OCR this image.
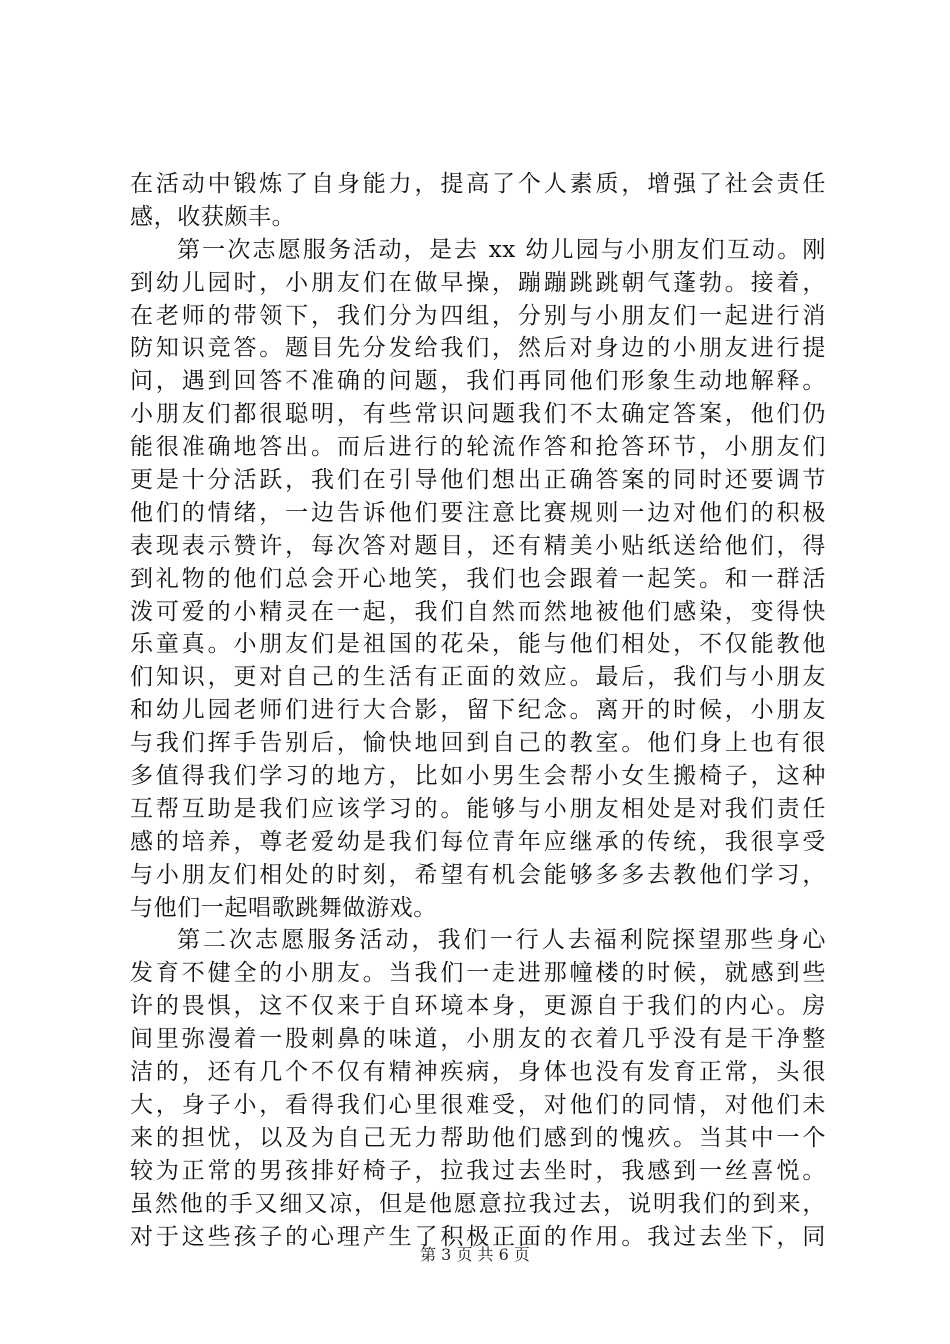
在活动中锻炼了自身能力，提高了个人素质，增强了社会责任
感，收获颇丰。
第一次志愿服务活动，是去 xx 幼儿园与小朋友们互动。刚
到幼儿园时，小朋友们在做早操，蹦蹦跳跳朝气蓬勃。接着，
在老师的带领下，我们分为四组，分别与小朋友们一起进行消
防知识竞答。题目先分发给我们，然后对身边的小朋友进行提
问，遇到回答不准确的问题，我们再同他们形象生动地解释。
小朋友们都很聪明，有些常识问题我们不太确定答案，他们仍
能很准确地答出。而后进行的轮流作答和抢答环节，小朋友们
更是十分活跃，我们在引导他们想出正确答案的同时还要调节
他们的情绪，一边告诉他们要注意比赛规则一边对他们的积极
表现表示赞许，每次答对题目，还有精美小贴纸送给他们，得
到礼物的他们总会开心地笑，我们也会跟着一起笑。和一群活
泼可爱的小精灵在一起，我们自然而然地被他们感染，变得快
乐童真。小朋友们是祖国的花朵，能与他们相处，不仅能教他
们知识，更对自己的生活有正面的效应。最后，我们与小朋友
和幼儿园老师们进行大合影，留下纪念。离开的时候，小朋友
与我们挥手告别后，愉快地回到自己的教室。他们身上也有很
多值得我们学习的地方，比如小男生会帮小女生搬椅子，这种
互帮互助是我们应该学习的。能够与小朋友相处是对我们责任
感的培养，尊老爱幼是我们每位青年应继承的传统，我很享受
与小朋友们相处的时刻，希望有机会能够多多去教他们学习，
与他们一起唱歌跳舞做游戏。
第二次志愿服务活动，我们一行人去福利院探望那些身心
发育不健全的小朋友。当我们一走进那幢楼的时候，就感到些
许的畏惧，这不仅来于自环境本身，更源自于我们的内心。房
间里弥漫着一股刺鼻的味道，小朋友的衣着几乎没有是干净整
洁的，还有几个不仅有精神疾病，身体也没有发育正常，头很
大，身子小，看得我们心里很难受，对他们的同情，对他们未
来的担忧，以及为自己无力帮助他们感到的愧疚。当其中一个
较为正常的男孩排好椅子，拉我过去坐时，我感到一丝喜悦。
虽然他的手又细又凉，但是他愿意拉我过去，说明我们的到来，
对于这些孩子的心理产生了积极正面的作用。我过去坐下，同
第 3 页 共 6 页
